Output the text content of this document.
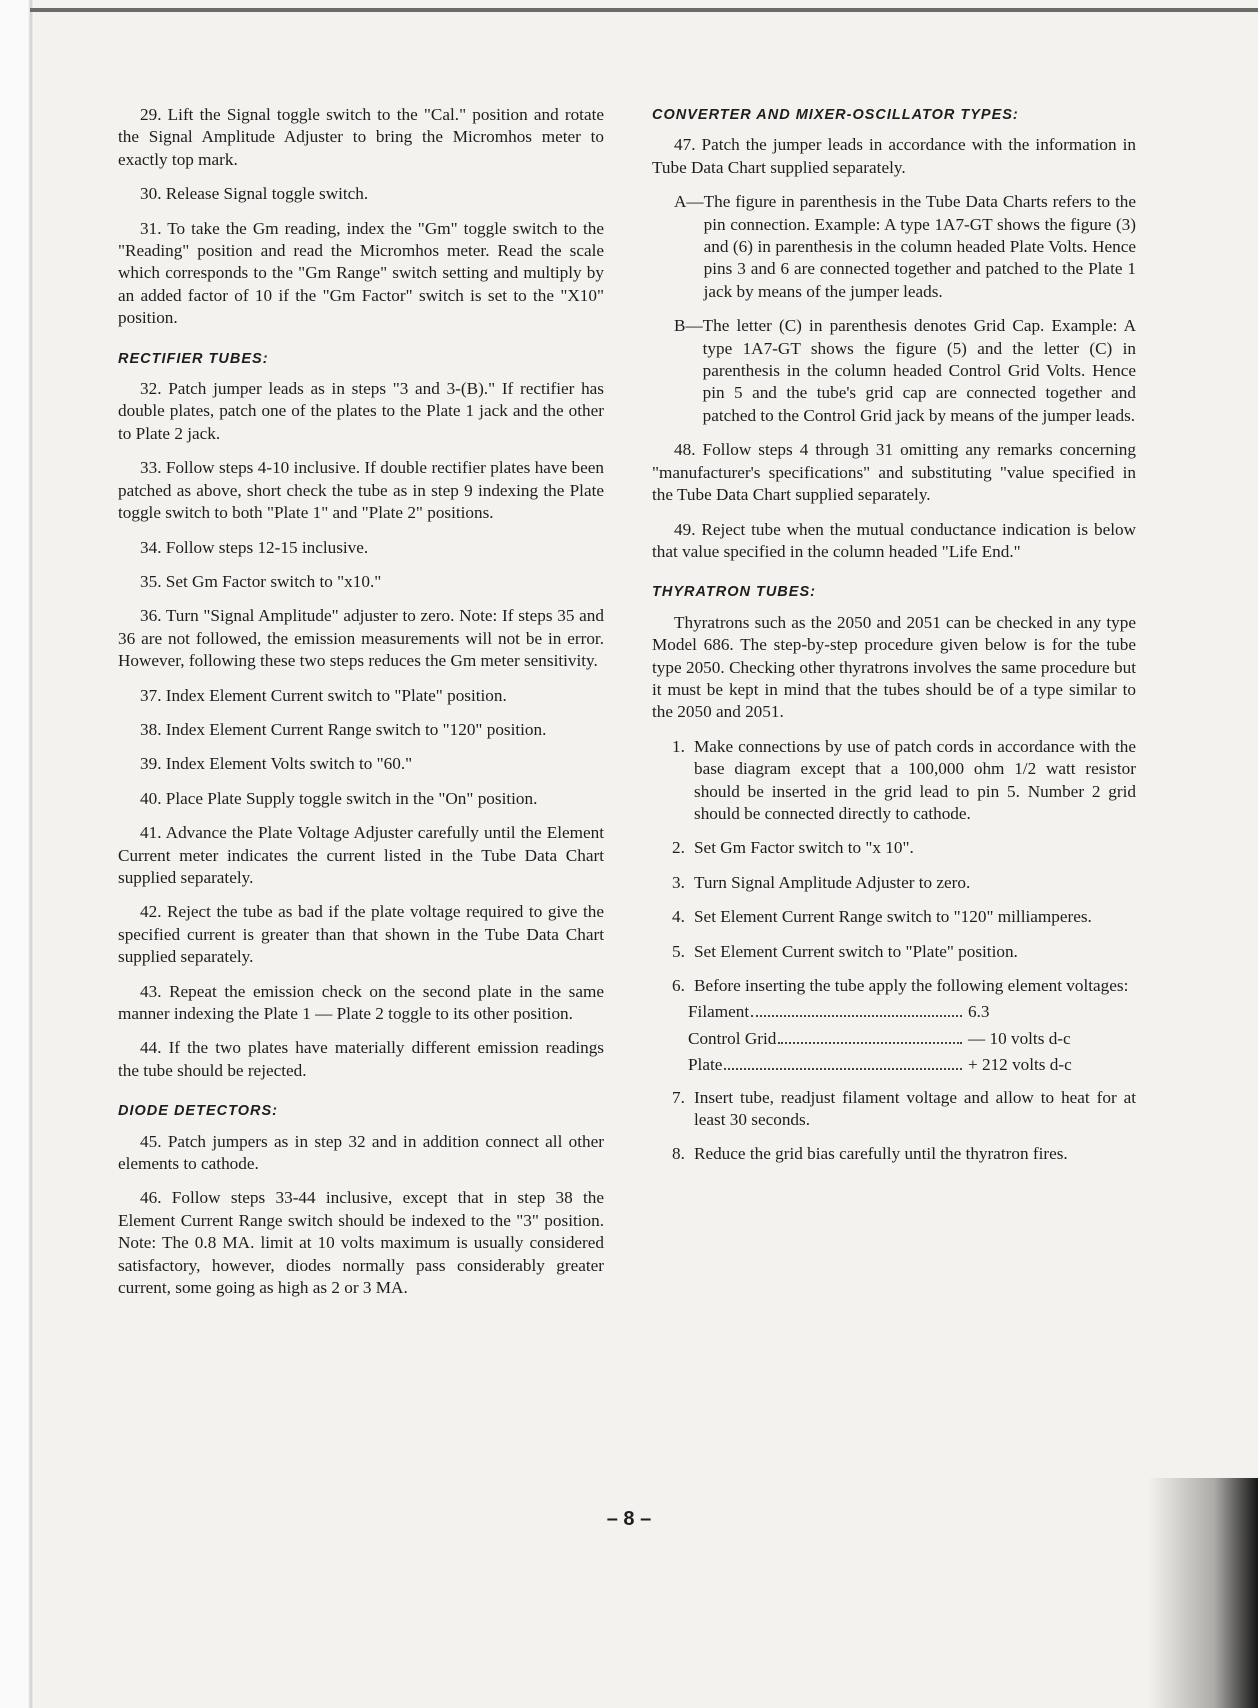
29. Lift the Signal toggle switch to the "Cal." position and rotate the Signal Amplitude Adjuster to bring the Micromhos meter to exactly top mark.

30. Release Signal toggle switch.

31. To take the Gm reading, index the "Gm" toggle switch to the "Reading" position and read the Micromhos meter. Read the scale which corresponds to the "Gm Range" switch setting and multiply by an added factor of 10 if the "Gm Factor" switch is set to the "X10" position.

RECTIFIER TUBES:

32. Patch jumper leads as in steps "3 and 3-(B)." If rectifier has double plates, patch one of the plates to the Plate 1 jack and the other to Plate 2 jack.

33. Follow steps 4-10 inclusive. If double rectifier plates have been patched as above, short check the tube as in step 9 indexing the Plate toggle switch to both "Plate 1" and "Plate 2" positions.

34. Follow steps 12-15 inclusive.

35. Set Gm Factor switch to "x10."

36. Turn "Signal Amplitude" adjuster to zero. Note: If steps 35 and 36 are not followed, the emission measurements will not be in error. However, following these two steps reduces the Gm meter sensitivity.

37. Index Element Current switch to "Plate" position.

38. Index Element Current Range switch to "120" position.

39. Index Element Volts switch to "60."

40. Place Plate Supply toggle switch in the "On" position.

41. Advance the Plate Voltage Adjuster carefully until the Element Current meter indicates the current listed in the Tube Data Chart supplied separately.

42. Reject the tube as bad if the plate voltage required to give the specified current is greater than that shown in the Tube Data Chart supplied separately.

43. Repeat the emission check on the second plate in the same manner indexing the Plate 1 — Plate 2 toggle to its other position.

44. If the two plates have materially different emission readings the tube should be rejected.

DIODE DETECTORS:

45. Patch jumpers as in step 32 and in addition connect all other elements to cathode.

46. Follow steps 33-44 inclusive, except that in step 38 the Element Current Range switch should be indexed to the "3" position. Note: The 0.8 MA. limit at 10 volts maximum is usually considered satisfactory, however, diodes normally pass considerably greater current, some going as high as 2 or 3 MA.

CONVERTER AND MIXER-OSCILLATOR TYPES:

47. Patch the jumper leads in accordance with the information in Tube Data Chart supplied separately.

A— The figure in parenthesis in the Tube Data Charts refers to the pin connection. Example: A type 1A7-GT shows the figure (3) and (6) in parenthesis in the column headed Plate Volts. Hence pins 3 and 6 are connected together and patched to the Plate 1 jack by means of the jumper leads.
B— The letter (C) in parenthesis denotes Grid Cap. Example: A type 1A7-GT shows the figure (5) and the letter (C) in parenthesis in the column headed Control Grid Volts. Hence pin 5 and the tube's grid cap are connected together and patched to the Control Grid jack by means of the jumper leads.

48. Follow steps 4 through 31 omitting any remarks concerning "manufacturer's specifications" and substituting "value specified in the Tube Data Chart supplied separately.

49. Reject tube when the mutual conductance indication is below that value specified in the column headed "Life End."

THYRATRON TUBES:

Thyratrons such as the 2050 and 2051 can be checked in any type Model 686. The step-by-step procedure given below is for the tube type 2050. Checking other thyratrons involves the same procedure but it must be kept in mind that the tubes should be of a type similar to the 2050 and 2051.

1. Make connections by use of patch cords in accordance with the base diagram except that a 100,000 ohm 1/2 watt resistor should be inserted in the grid lead to pin 5. Number 2 grid should be connected directly to cathode.
2. Set Gm Factor switch to "x 10".
3. Turn Signal Amplitude Adjuster to zero.
4. Set Element Current Range switch to "120" milliamperes.
5. Set Element Current switch to "Plate" position.
6. Before inserting the tube apply the following element voltages:
Filament	6.3
Control Grid	— 10 volts d-c
Plate	+ 212 volts d-c
7. Insert tube, readjust filament voltage and allow to heat for at least 30 seconds.
8. Reduce the grid bias carefully until the thyratron fires.
– 8 –
